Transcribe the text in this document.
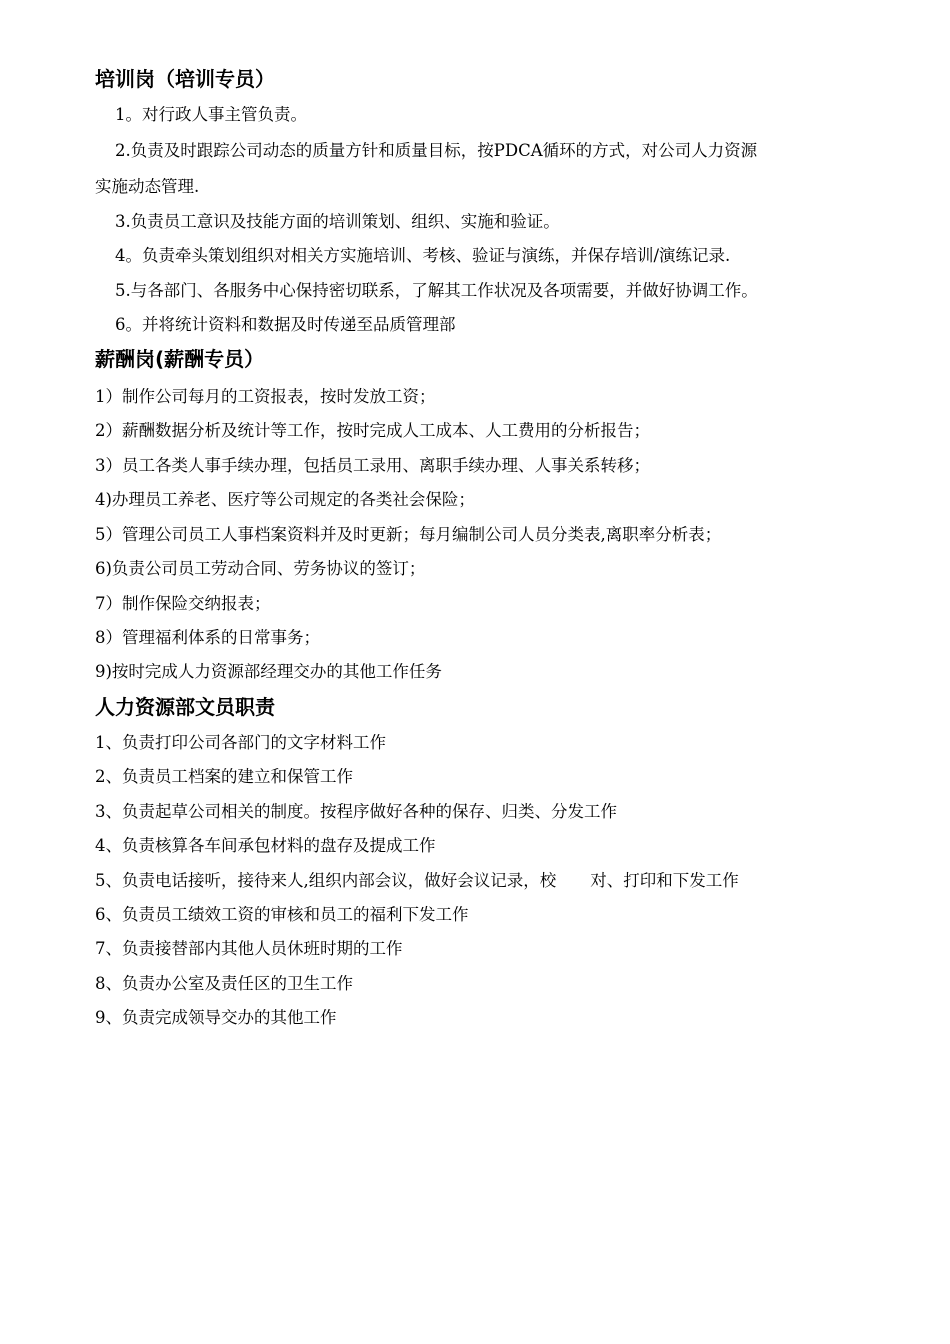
培训岗（培训专员）

1。对行政人事主管负责。

2.负责及时跟踪公司动态的质量方针和质量目标，按PDCA循环的方式，对公司人力资源

实施动态管理.

3.负责员工意识及技能方面的培训策划、组织、实施和验证。

4。负责牵头策划组织对相关方实施培训、考核、验证与演练，并保存培训/演练记录.

5.与各部门、各服务中心保持密切联系，了解其工作状况及各项需要，并做好协调工作。

6。并将统计资料和数据及时传递至品质管理部

薪酬岗(薪酬专员）

1）制作公司每月的工资报表，按时发放工资；

2）薪酬数据分析及统计等工作，按时完成人工成本、人工费用的分析报告；

3）员工各类人事手续办理，包括员工录用、离职手续办理、人事关系转移；

4)办理员工养老、医疗等公司规定的各类社会保险；

5）管理公司员工人事档案资料并及时更新；每月编制公司人员分类表,离职率分析表；

6)负责公司员工劳动合同、劳务协议的签订；

7）制作保险交纳报表；

8）管理福利体系的日常事务；

9)按时完成人力资源部经理交办的其他工作任务

人力资源部文员职责

1、负责打印公司各部门的文字材料工作

2、负责员工档案的建立和保管工作

3、负责起草公司相关的制度。按程序做好各种的保存、归类、分发工作

4、负责核算各车间承包材料的盘存及提成工作

5、负责电话接听，接待来人,组织内部会议，做好会议记录，校 对、打印和下发工作

6、负责员工绩效工资的审核和员工的福利下发工作

7、负责接替部内其他人员休班时期的工作

8、负责办公室及责任区的卫生工作

9、负责完成领导交办的其他工作
